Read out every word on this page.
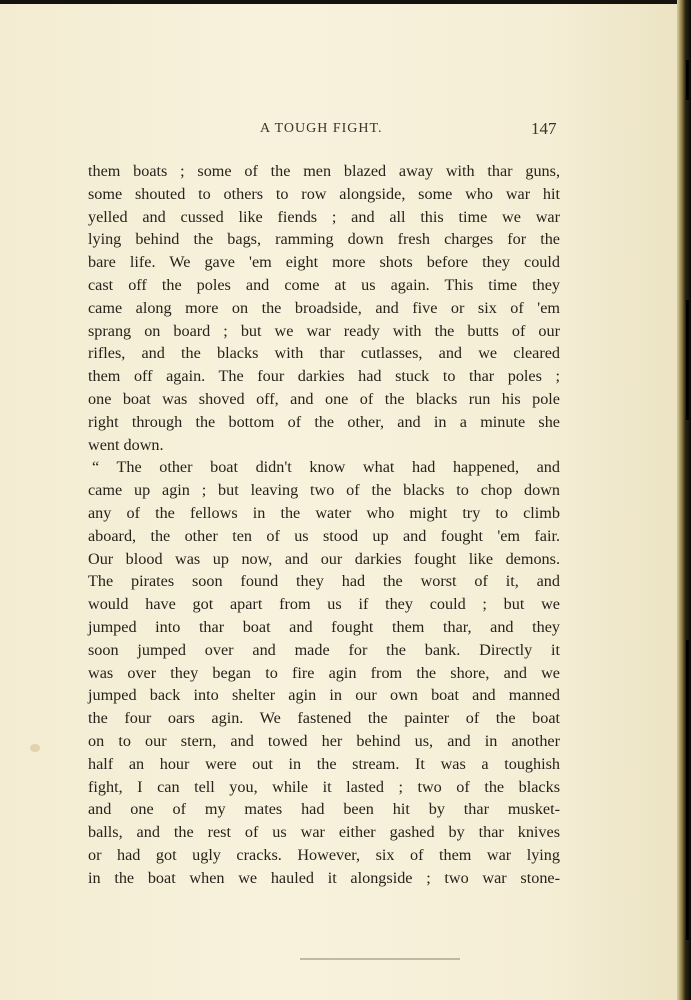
A TOUGH FIGHT.	147
them boats ; some of the men blazed away with thar guns,
some shouted to others to row alongside, some who war hit
yelled and cussed like fiends ; and all this time we war
lying behind the bags, ramming down fresh charges for the
bare life. We gave 'em eight more shots before they could
cast off the poles and come at us again. This time they
came along more on the broadside, and five or six of 'em
sprang on board ; but we war ready with the butts of our
rifles, and the blacks with thar cutlasses, and we cleared
them off again. The four darkies had stuck to thar poles ;
one boat was shoved off, and one of the blacks run his pole
right through the bottom of the other, and in a minute she
went down.
“ The other boat didn't know what had happened, and
came up agin ; but leaving two of the blacks to chop down
any of the fellows in the water who might try to climb
aboard, the other ten of us stood up and fought 'em fair.
Our blood was up now, and our darkies fought like demons.
The pirates soon found they had the worst of it, and
would have got apart from us if they could ; but we
jumped into thar boat and fought them thar, and they
soon jumped over and made for the bank. Directly it
was over they began to fire agin from the shore, and we
jumped back into shelter agin in our own boat and manned
the four oars agin. We fastened the painter of the boat
on to our stern, and towed her behind us, and in another
half an hour were out in the stream. It was a toughish
fight, I can tell you, while it lasted ; two of the blacks
and one of my mates had been hit by thar musket-
balls, and the rest of us war either gashed by thar knives
or had got ugly cracks. However, six of them war lying
in the boat when we hauled it alongside ; two war stone-
